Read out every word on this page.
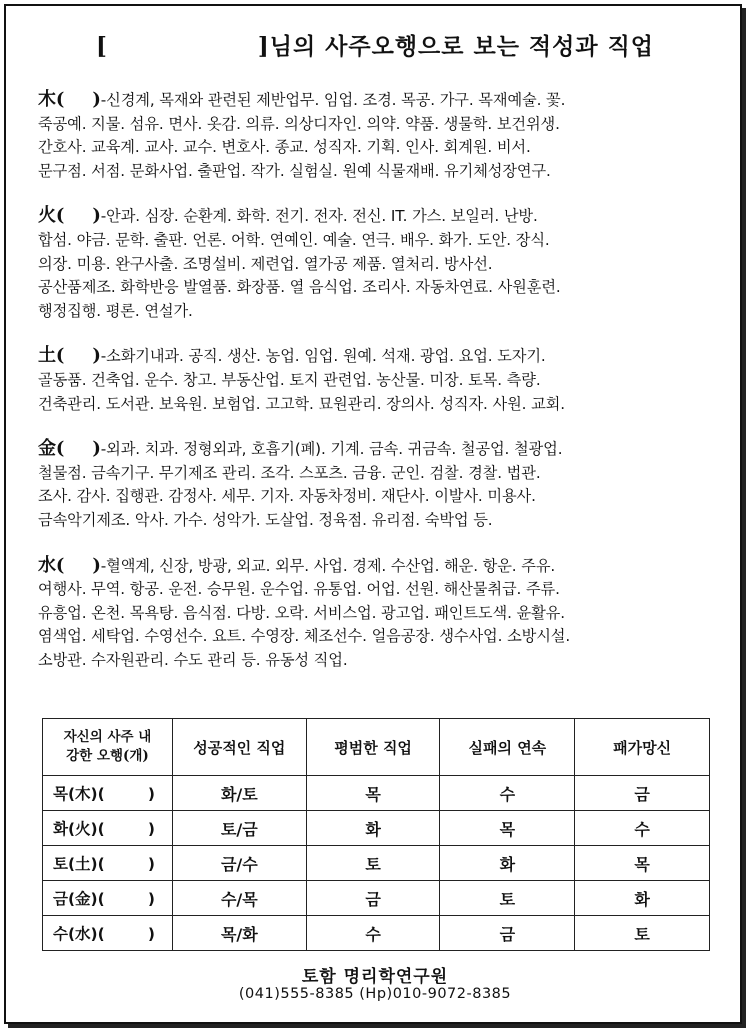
[	]님의 사주오행으로 보는 적성과 직업
木( )-신경계, 목재와 관련된 제반업무. 임업. 조경. 목공. 가구. 목재예술. 꽃.
죽공예. 지물. 섬유. 면사. 옷감. 의류. 의상디자인. 의약. 약품. 생물학. 보건위생.
간호사. 교육계. 교사. 교수. 변호사. 종교. 성직자. 기획. 인사. 회계원. 비서.
문구점. 서점. 문화사업. 출판업. 작가. 실험실. 원예 식물재배. 유기체성장연구.
火( )-안과. 심장. 순환계. 화학. 전기. 전자. 전신. IT. 가스. 보일러. 난방.
합섬. 야금. 문학. 출판. 언론. 어학. 연예인. 예술. 연극. 배우. 화가. 도안. 장식.
의장. 미용. 완구사출. 조명설비. 제련업. 열가공 제품. 열처리. 방사선.
공산품제조. 화학반응 발열품. 화장품. 열 음식업. 조리사. 자동차연료. 사원훈련.
행정집행. 평론. 연설가.
土( )-소화기내과. 공직. 생산. 농업. 임업. 원예. 석재. 광업. 요업. 도자기.
골동품. 건축업. 운수. 창고. 부동산업. 토지 관련업. 농산물. 미장. 토목. 측량.
건축관리. 도서관. 보육원. 보험업. 고고학. 묘원관리. 장의사. 성직자. 사원. 교회.
金( )-외과. 치과. 정형외과, 호흡기(폐). 기계. 금속. 귀금속. 철공업. 철광업.
철물점. 금속기구. 무기제조 관리. 조각. 스포츠. 금융. 군인. 검찰. 경찰. 법관.
조사. 감사. 집행관. 감정사. 세무. 기자. 자동차정비. 재단사. 이발사. 미용사.
금속악기제조. 악사. 가수. 성악가. 도살업. 정육점. 유리점. 숙박업 등.
水( )-혈액계, 신장, 방광, 외교. 외무. 사업. 경제. 수산업. 해운. 항운. 주유.
여행사. 무역. 항공. 운전. 승무원. 운수업. 유통업. 어업. 선원. 해산물취급. 주류.
유흥업. 온천. 목욕탕. 음식점. 다방. 오락. 서비스업. 광고업. 패인트도색. 윤활유.
염색업. 세탁업. 수영선수. 요트. 수영장. 체조선수. 얼음공장. 생수사업. 소방시설.
소방관. 수자원관리. 수도 관리 등. 유동성 직업.
자신의 사주 내
강한 오행(개)	성공적인 직업	평범한 직업	실패의 연속	패가망신
목(木)(        )	화/토	목	수	금
화(火)(        )	토/금	화	목	수
토(土)(        )	금/수	토	화	목
금(金)(        )	수/목	금	토	화
수(水)(        )	목/화	수	금	토
토함 명리학연구원
(041)555-8385 (Hp)010-9072-8385
